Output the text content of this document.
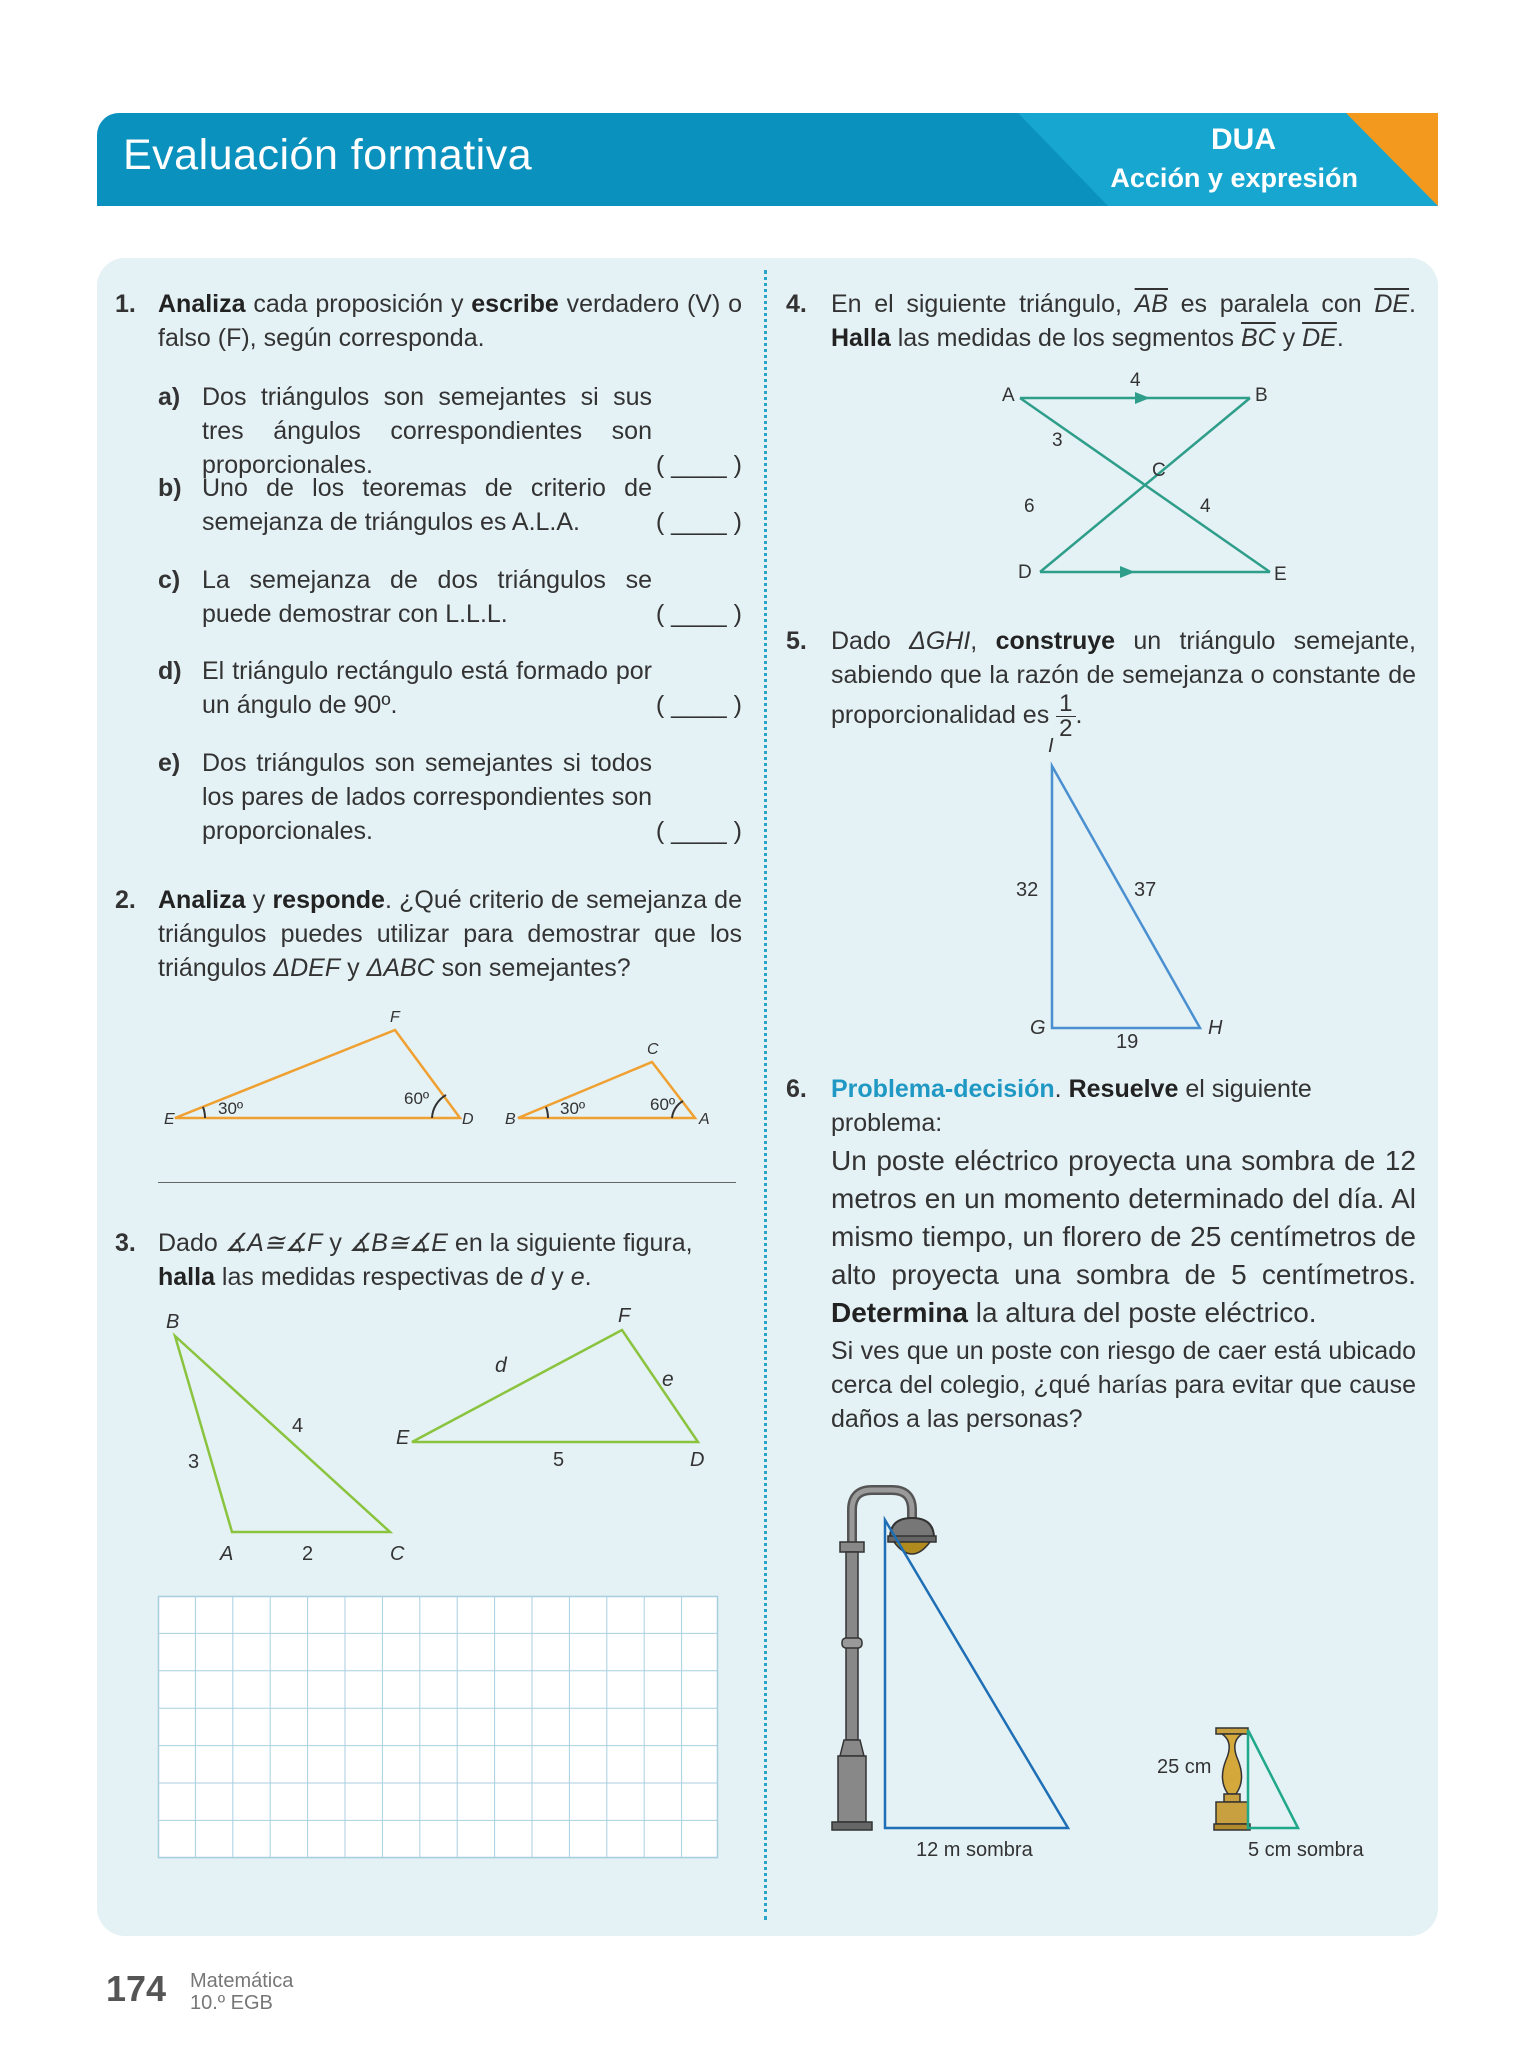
Evaluación formativa	DUA
Acción y expresión
1. Analiza cada proposición y escribe verdadero (V) o falso (F), según corresponda.
a) Dos triángulos son semejantes si sus tres ángulos correspondientes son proporcionales.	( ____ )
b) Uno de los teoremas de criterio de semejanza de triángulos es A.L.A.	( ____ )
c) La semejanza de dos triángulos se puede demostrar con L.L.L.	( ____ )
d) El triángulo rectángulo está formado por un ángulo de 90º.	( ____ )
e) Dos triángulos son semejantes si todos los pares de lados correspondientes son proporcionales.	( ____ )
2. Analiza y responde. ¿Qué criterio de semejanza de triángulos puedes utilizar para demostrar que los triángulos ΔDEF y ΔABC son semejantes?
E
F
D
30º
60º
B
C
A
30º	60º
3. Dado ∡A≅∡F y ∡B≅∡E en la siguiente figura, halla las medidas respectivas de d y e.
B
A	C
3
4
2
F
E
D
d
e
5
4. En el siguiente triángulo, $\overline{AB}$ es paralela con $\overline{DE}$. Halla las medidas de los segmentos $\overline{BC}$ y $\overline{DE}$.
A	B
C
D	E
4
3
6	4
5. Dado ΔGHI, construye un triángulo semejante, sabiendo que la razón de semejanza o constante de proporcionalidad es $\frac{1}{2}$ .
I
G	H
32	37
19
6. Problema-decisión. Resuelve el siguiente problema:
Un poste eléctrico proyecta una sombra de 12 metros en un momento determinado del día. Al mismo tiempo, un florero de 25 centímetros de alto proyecta una sombra de 5 centímetros. Determina la altura del poste eléctrico.
Si ves que un poste con riesgo de caer está ubicado cerca del colegio, ¿qué harías para evitar que cause daños a las personas?
12 m sombra
25 cm
5 cm sombra
174 Matemática
10.º EGB
